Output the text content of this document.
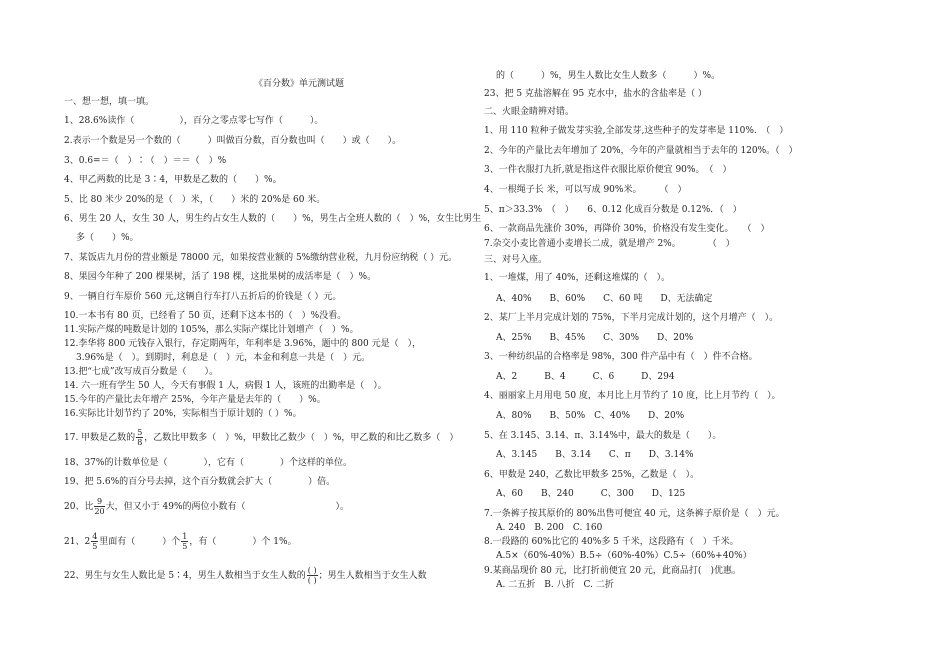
《百分数》单元测试题
一、想一想，填一填。
1、28.6%读作（　　　　　），百分之零点零七写作（　　　）。
2.表示一个数是另一个数的（　　　）叫做百分数，百分数也叫（　　）或（　　）。
3、0.6=＝（　）∶（　）＝＝（　）%
4、甲乙两数的比是 3∶4，甲数是乙数的（　　）%。
5、比 80 米少 20%的是（　）米，（　　）米的 20%是 60 米。
6、男生 20 人，女生 30 人，男生约占女生人数的（　　）%，男生占全班人数的（　）%，女生比男生
多（　　）%。
7、某饭店九月份的营业额是 78000 元，如果按营业额的 5%缴纳营业税，九月份应纳税（ ）元。
8、果园今年种了 200 棵果树，活了 198 棵，这批果树的成活率是（　）%。
9、一辆自行车原价 560 元,这辆自行车打八五折后的价钱是（ ）元。
10.一本书有 80 页，已经看了 50 页，还剩下这本书的（　）%没看。
11.实际产煤的吨数是计划的 105%，那么实际产煤比计划增产（　）%。
12.李华将 800 元钱存入银行，存定期两年，年利率是 3.96%，题中的 800 元是（　），
3.96%是（　）。到期时，利息是（　）元，本金和利息一共是（　）元。
13.把“七成”改写成百分数是（　　）。
14. 六一班有学生 50 人，今天有事假 1 人，病假 1 人，该班的出勤率是（　）。
15.今年的产量比去年增产 25%，今年产量是去年的（　　）%。
16.实际比计划节约了 20%，实际相当于原计划的（ ）%。
17. 甲数是乙数的 $\frac{5}{8}$ ，乙数比甲数多（　）%，甲数比乙数少（　）%，甲乙数的和比乙数多（　）
18、37%的计数单位是（　　　　），它有（　　　　）个这样的单位。
19、把 5.6%的百分号去掉，这个百分数就会扩大（　　　　）倍。
20、比 $\frac{9}{20}$ 大，但又小于 49%的两位小数有（　　　　　　　　　　）。
21、$2 \frac{4}{5}$ 里面有（　　　）个 $\frac{1}{5}$ ，有（　　　　）个 1%。
22、男生与女生人数比是 5∶4，男生人数相当于女生人数的 $\frac{( )}{( )}$ ；男生人数相当于女生人数
的（　　　）%，男生人数比女生人数多（　　　）%。
23、把 5 克盐溶解在 95 克水中，盐水的含盐率是（ ）
二、火眼金睛辨对错。
1、用 110 粒种子做发芽实验,全部发芽,这些种子的发芽率是 110%.　（　）
2、今年的产量比去年增加了 20%，今年的产量就相当于去年的 120%。（　）
3、一件衣服打九折,就是指这件衣服比原价便宜 90%。　（　）
4、一根绳子长 米，可以写成 90%米。　　　（　）
5、π＞33.3%　（　）　　6、0.12 化成百分数是 0.12%．（　）
6、一款商品先涨价 30%，再降价 30%，价格没有发生变化。　　（　）
7.杂交小麦比普通小麦增长二成，就是增产 2%。　　　　（　）
三、对号入座。
1、一堆煤，用了 40%，还剩这堆煤的（　）。
A、40%　　B、60%　　C、60 吨　　D、无法确定
2、某厂上半月完成计划的 75%，下半月完成计划的，这个月增产（　）。
A、25%　　B、45%　　C、30%　　D、20%
3、一种纺织品的合格率是 98%，300 件产品中有（　）件不合格。
A、2　　　B、4　　　C、6　　　D、294
4、丽丽家上月用电 50 度，本月比上月节约了 10 度，比上月节约（　）。
A、80%　　B、50%　C、40%　　D、20%
5、在 3.145、3.14、π、3.14%中，最大的数是（　　）。
A、3.145　　B、3.14　　C、π　　D、3.14%
6、甲数是 240，乙数比甲数多 25%，乙数是（　）。
A、60　　B、240　　　C、300　　D、125
7.一条裤子按其原价的 80%出售可便宜 40 元，这条裤子原价是（　）元。
A. 240　B. 200　C. 160
8.一段路的 60%比它的 40%多 5 千米，这段路有（　）千米。
A.5×（60%-40%）B.5÷（60%-40%）C.5÷（60%+40%）
9.某商品现价 80 元，比打折前便宜 20 元，此商品打(　)优惠。
A. 二五折　B. 八折　C. 二折
